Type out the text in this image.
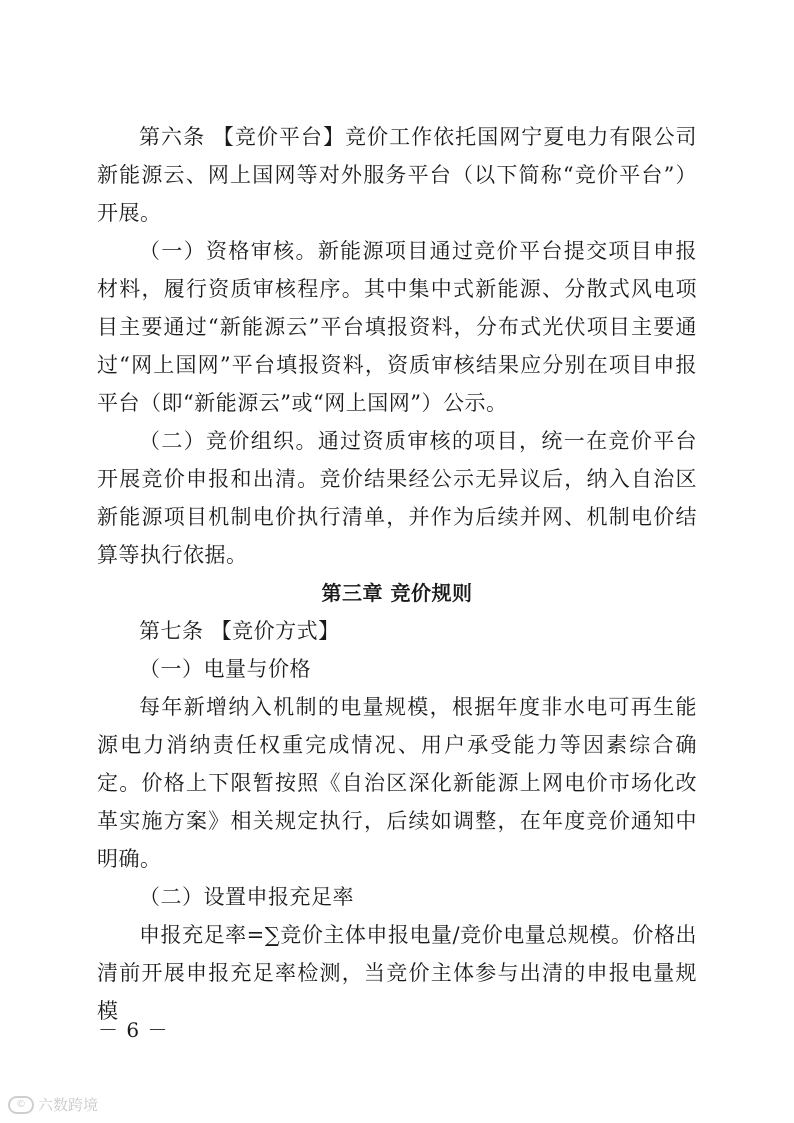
第六条 【竞价平台】竞价工作依托国网宁夏电力有限公司新能源云、网上国网等对外服务平台（以下简称“竞价平台”）开展。

（一）资格审核。新能源项目通过竞价平台提交项目申报材料，履行资质审核程序。其中集中式新能源、分散式风电项目主要通过“新能源云”平台填报资料，分布式光伏项目主要通过“网上国网”平台填报资料，资质审核结果应分别在项目申报平台（即“新能源云”或“网上国网”）公示。

（二）竞价组织。通过资质审核的项目，统一在竞价平台开展竞价申报和出清。竞价结果经公示无异议后，纳入自治区新能源项目机制电价执行清单，并作为后续并网、机制电价结算等执行依据。

第三章 竞价规则

第七条 【竞价方式】

（一）电量与价格

每年新增纳入机制的电量规模，根据年度非水电可再生能源电力消纳责任权重完成情况、用户承受能力等因素综合确定。价格上下限暂按照《自治区深化新能源上网电价市场化改革实施方案》相关规定执行，后续如调整，在年度竞价通知中明确。

（二）设置申报充足率

申报充足率=∑竞价主体申报电量/竞价电量总规模。价格出清前开展申报充足率检测，当竞价主体参与出清的申报电量规模

－ 6 －
© 六数跨境
